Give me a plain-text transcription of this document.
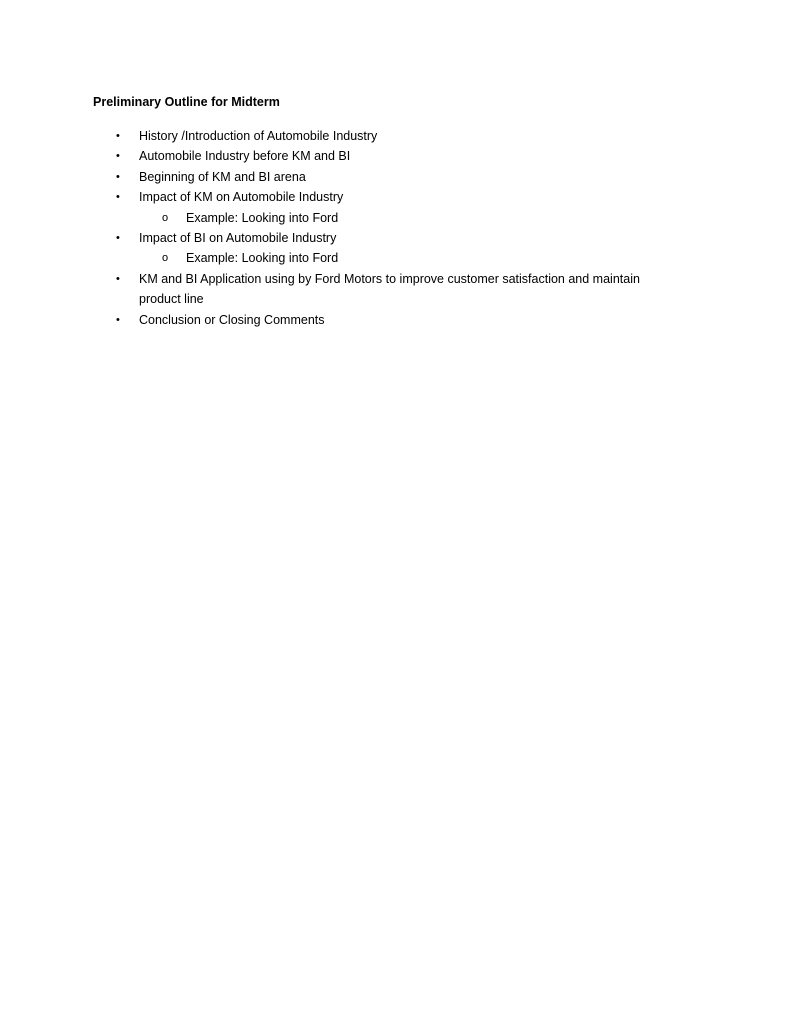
Preliminary Outline for Midterm
• History /Introduction of Automobile Industry
• Automobile Industry before KM and BI
• Beginning of KM and BI arena
• Impact of KM on Automobile Industry
o Example: Looking into Ford
• Impact of BI on Automobile Industry
o Example: Looking into Ford
• KM and BI Application using by Ford Motors to improve customer satisfaction and maintain product line
• Conclusion or Closing Comments
